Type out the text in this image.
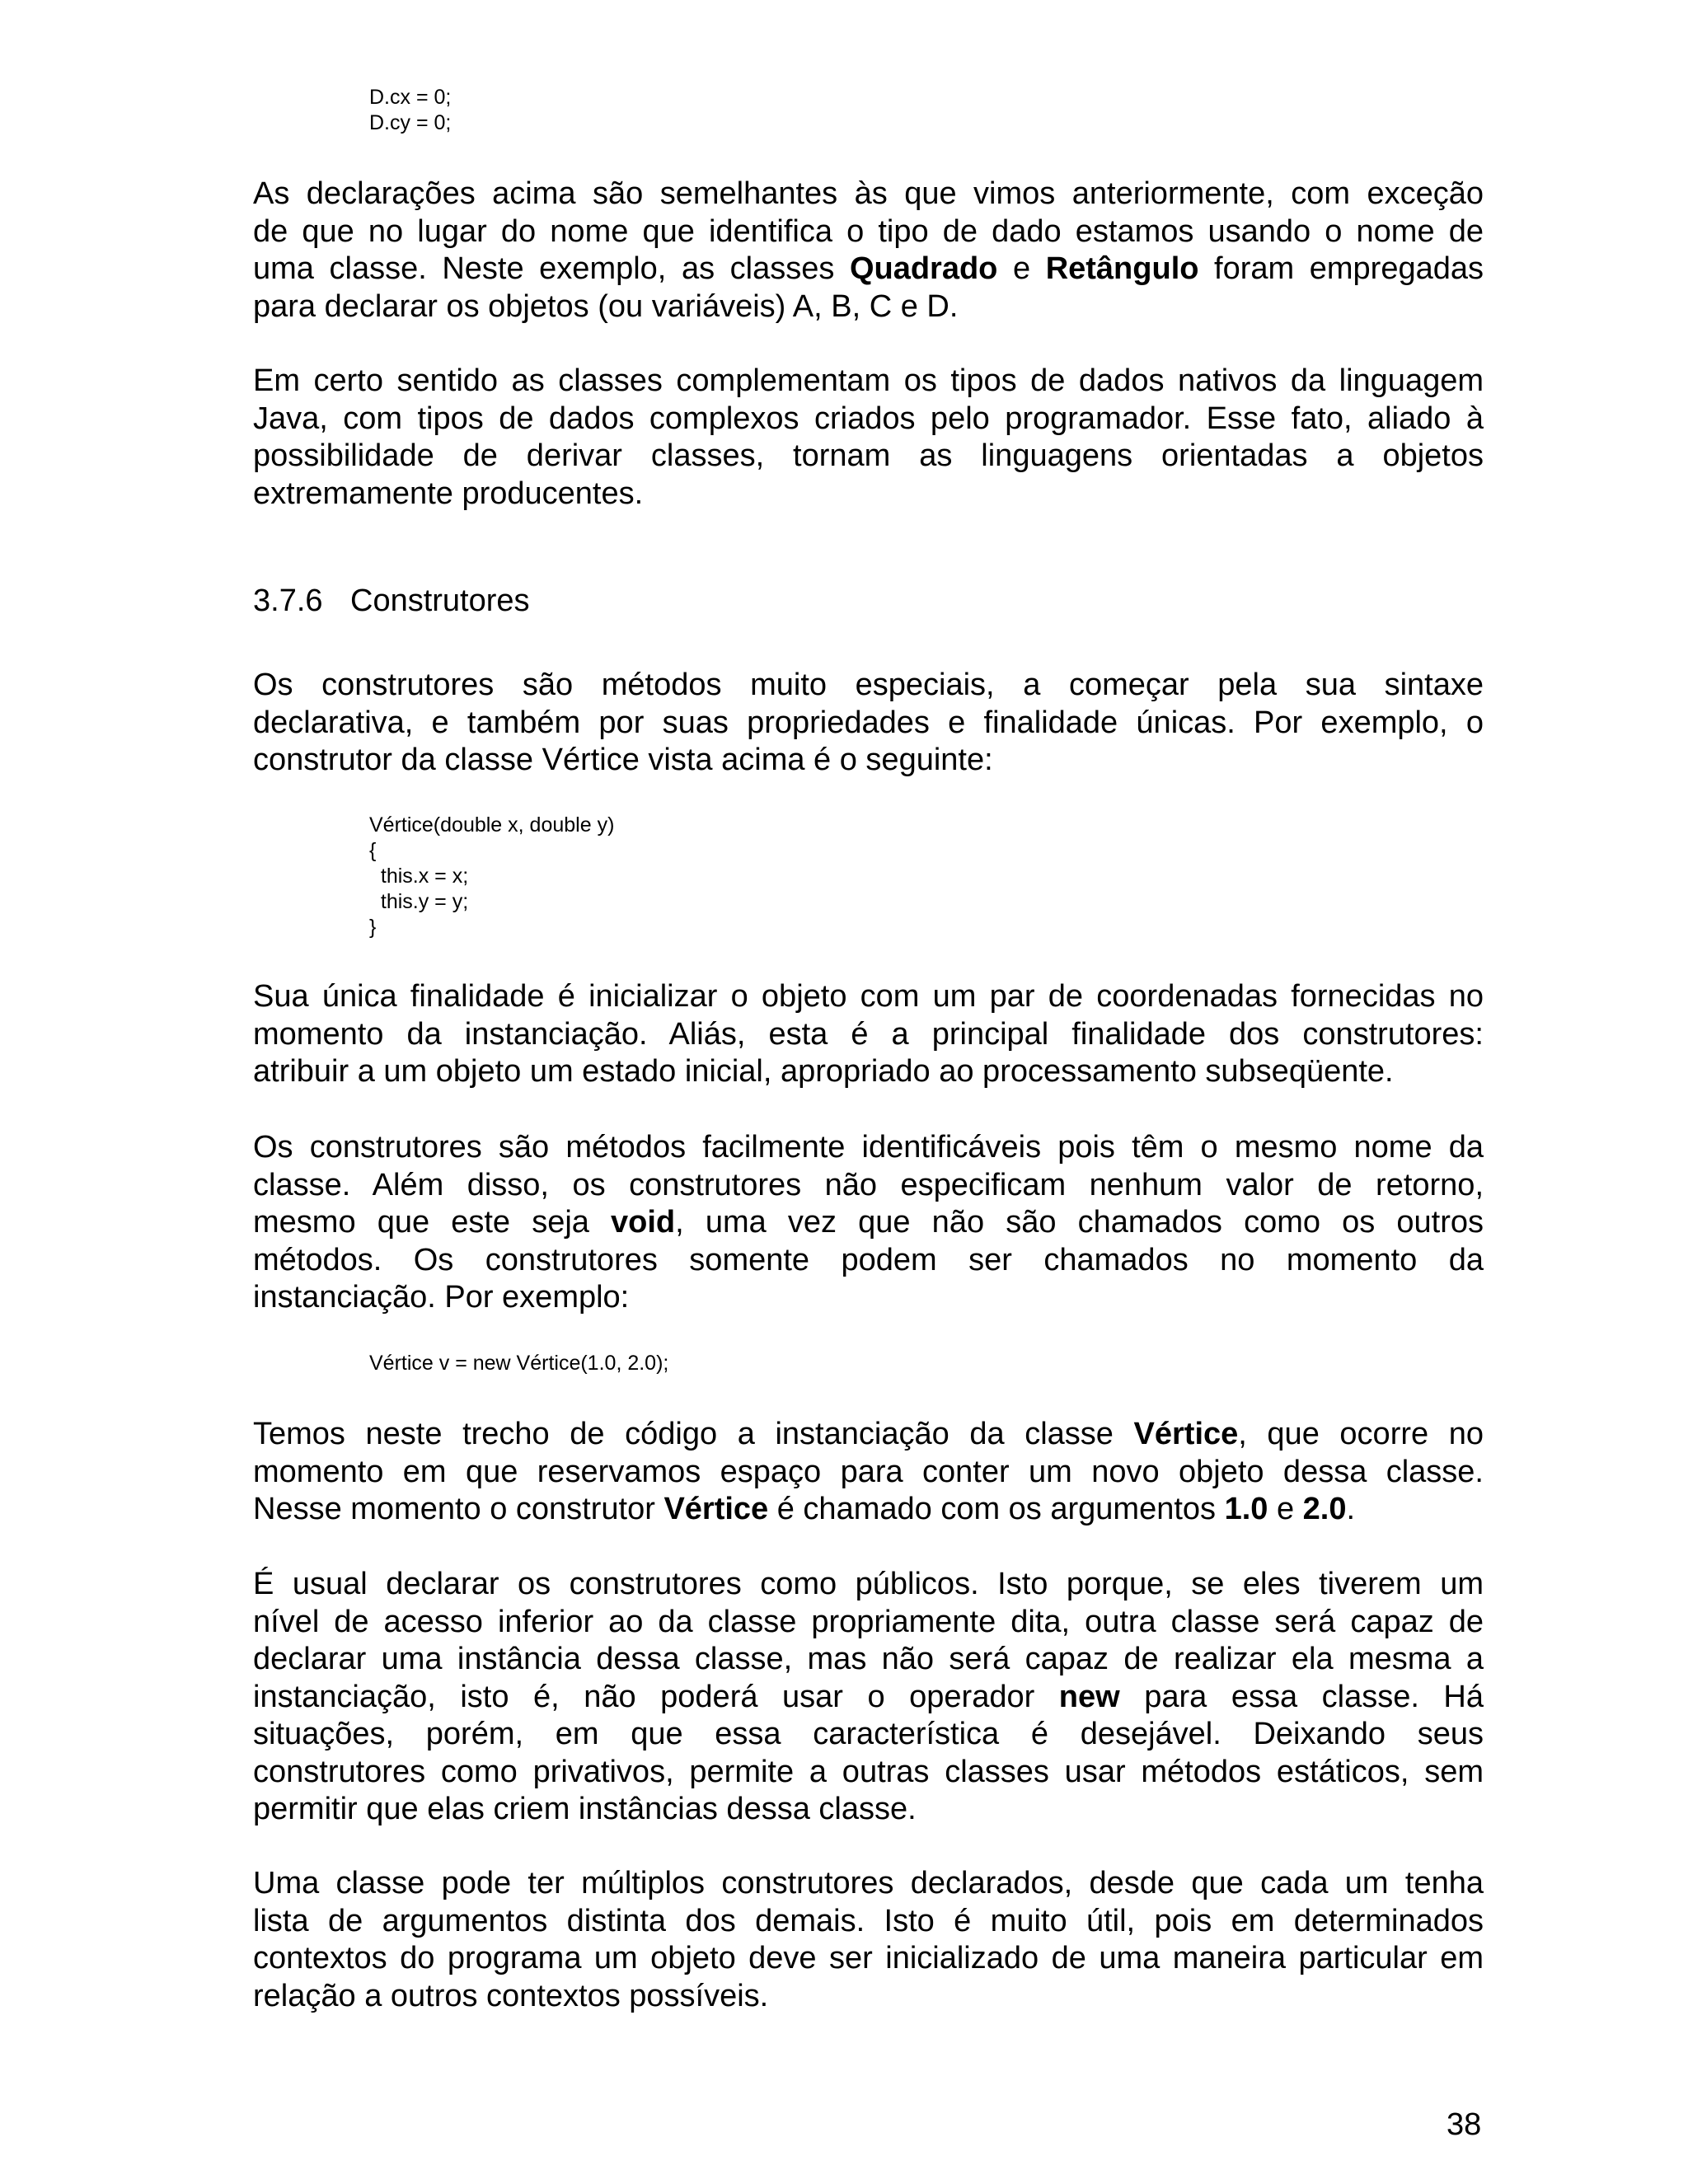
D.cx = 0;
D.cy = 0;
As declarações acima são semelhantes às que vimos anteriormente, com exceção
de que no lugar do nome que identifica o tipo de dado estamos usando o nome de
uma classe. Neste exemplo, as classes Quadrado e Retângulo foram empregadas
para declarar os objetos (ou variáveis) A, B, C e D.
Em certo sentido as classes complementam os tipos de dados nativos da linguagem
Java, com tipos de dados complexos criados pelo programador. Esse fato, aliado à
possibilidade de derivar classes, tornam as linguagens orientadas a objetos
extremamente producentes.
3.7.6 Construtores
Os construtores são métodos muito especiais, a começar pela sua sintaxe
declarativa, e também por suas propriedades e finalidade únicas. Por exemplo, o
construtor da classe Vértice vista acima é o seguinte:
Vértice(double x, double y)
{
this.x = x;
this.y = y;
}
Sua única finalidade é inicializar o objeto com um par de coordenadas fornecidas no
momento da instanciação. Aliás, esta é a principal finalidade dos construtores:
atribuir a um objeto um estado inicial, apropriado ao processamento subseqüente.
Os construtores são métodos facilmente identificáveis pois têm o mesmo nome da
classe. Além disso, os construtores não especificam nenhum valor de retorno,
mesmo que este seja void, uma vez que não são chamados como os outros
métodos. Os construtores somente podem ser chamados no momento da
instanciação. Por exemplo:
Vértice v = new Vértice(1.0, 2.0);
Temos neste trecho de código a instanciação da classe Vértice, que ocorre no
momento em que reservamos espaço para conter um novo objeto dessa classe.
Nesse momento o construtor Vértice é chamado com os argumentos 1.0 e 2.0.
É usual declarar os construtores como públicos. Isto porque, se eles tiverem um
nível de acesso inferior ao da classe propriamente dita, outra classe será capaz de
declarar uma instância dessa classe, mas não será capaz de realizar ela mesma a
instanciação, isto é, não poderá usar o operador new para essa classe. Há
situações, porém, em que essa característica é desejável. Deixando seus
construtores como privativos, permite a outras classes usar métodos estáticos, sem
permitir que elas criem instâncias dessa classe.
Uma classe pode ter múltiplos construtores declarados, desde que cada um tenha
lista de argumentos distinta dos demais. Isto é muito útil, pois em determinados
contextos do programa um objeto deve ser inicializado de uma maneira particular em
relação a outros contextos possíveis.
38
